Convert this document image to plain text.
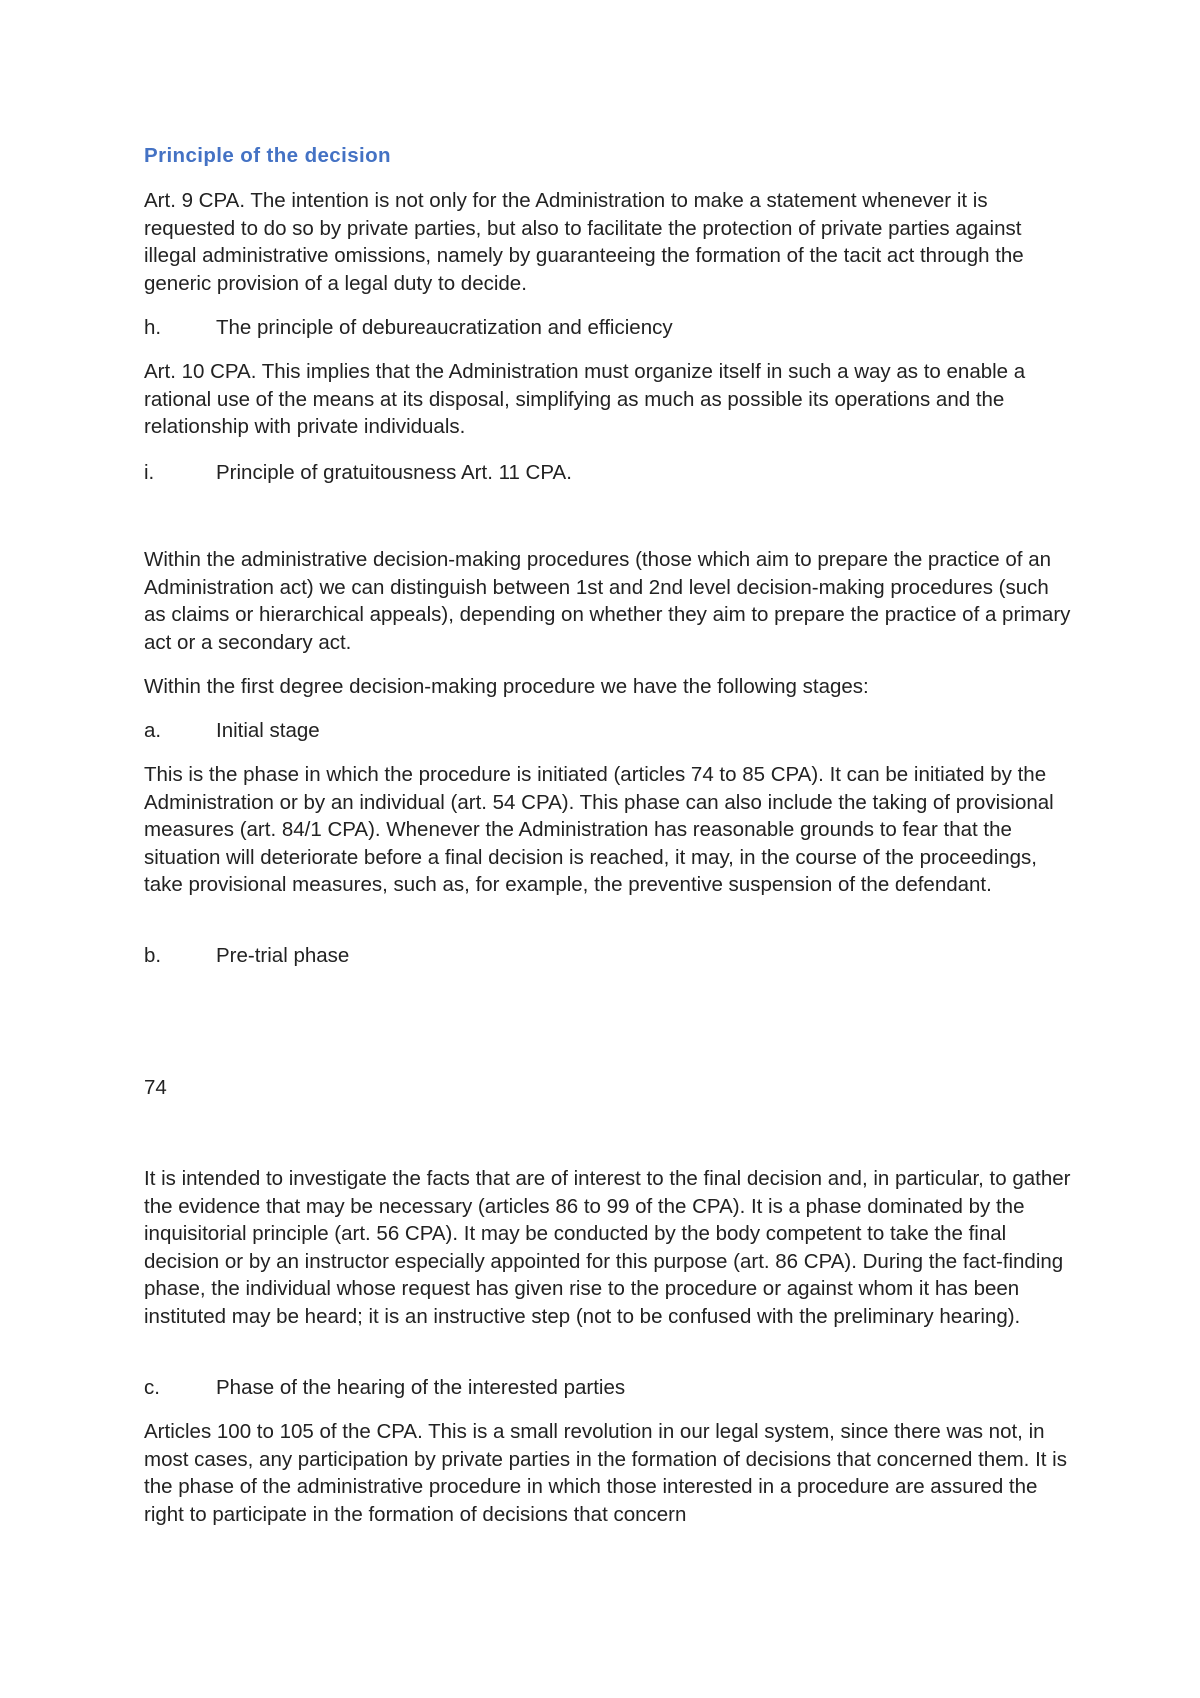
Principle of the decision

Art. 9 CPA. The intention is not only for the Administration to make a statement whenever it is requested to do so by private parties, but also to facilitate the protection of private parties against illegal administrative omissions, namely by guaranteeing the formation of the tacit act through the generic provision of a legal duty to decide.

h.	The principle of debureaucratization and efficiency

Art. 10 CPA. This implies that the Administration must organize itself in such a way as to enable a rational use of the means at its disposal, simplifying as much as possible its operations and the relationship with private individuals.

i.	Principle of gratuitousness Art. 11 CPA.

Within the administrative decision-making procedures (those which aim to prepare the practice of an Administration act) we can distinguish between 1st and 2nd level decision-making procedures (such as claims or hierarchical appeals), depending on whether they aim to prepare the practice of a primary act or a secondary act.

Within the first degree decision-making procedure we have the following stages:

a.	Initial stage

This is the phase in which the procedure is initiated (articles 74 to 85 CPA). It can be initiated by the Administration or by an individual (art. 54 CPA). This phase can also include the taking of provisional measures (art. 84/1 CPA). Whenever the Administration has reasonable grounds to fear that the situation will deteriorate before a final decision is reached, it may, in the course of the proceedings, take provisional measures, such as, for example, the preventive suspension of the defendant.

b.	Pre-trial phase
74

It is intended to investigate the facts that are of interest to the final decision and, in particular, to gather the evidence that may be necessary (articles 86 to 99 of the CPA). It is a phase dominated by the inquisitorial principle (art. 56 CPA). It may be conducted by the body competent to take the final decision or by an instructor especially appointed for this purpose (art. 86 CPA). During the fact-finding phase, the individual whose request has given rise to the procedure or against whom it has been instituted may be heard; it is an instructive step (not to be confused with the preliminary hearing).

c.	Phase of the hearing of the interested parties

Articles 100 to 105 of the CPA. This is a small revolution in our legal system, since there was not, in most cases, any participation by private parties in the formation of decisions that concerned them. It is the phase of the administrative procedure in which those interested in a procedure are assured the right to participate in the formation of decisions that concern
